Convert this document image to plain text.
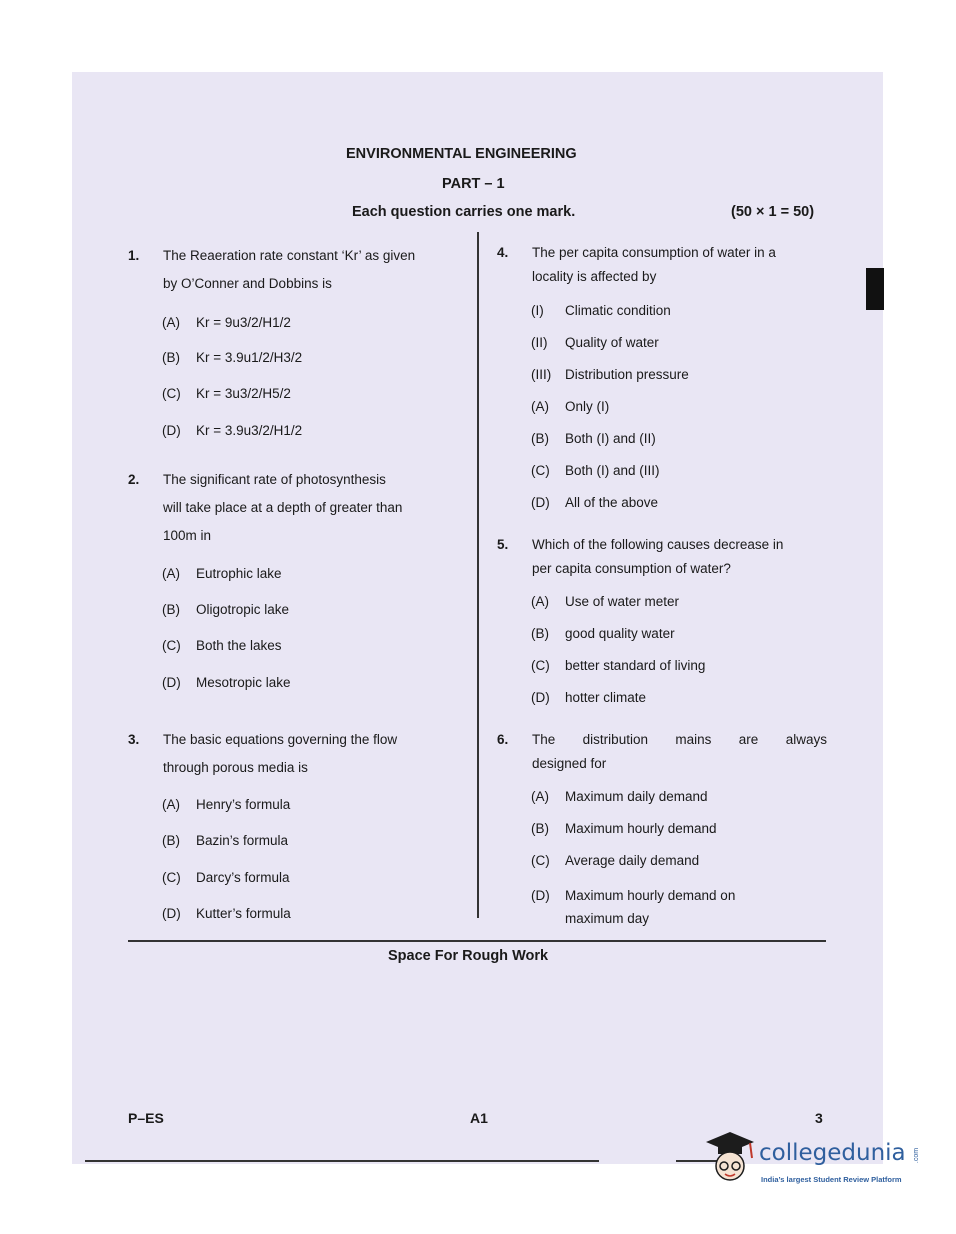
ENVIRONMENTAL ENGINEERING
PART – 1
Each question carries one mark.	(50 × 1 = 50)
1. The Reaeration rate constant ‘Kr’ as given
by O’Conner and Dobbins is
(A) Kr = 9u3/2/H1/2
(B) Kr = 3.9u1/2/H3/2
(C) Kr = 3u3/2/H5/2
(D) Kr = 3.9u3/2/H1/2
2. The significant rate of photosynthesis
will take place at a depth of greater than
100m in
(A) Eutrophic lake
(B) Oligotropic lake
(C) Both the lakes
(D) Mesotropic lake
3. The basic equations governing the flow
through porous media is
(A) Henry’s formula
(B) Bazin’s formula
(C) Darcy’s formula
(D) Kutter’s formula
4. The per capita consumption of water in a
locality is affected by
(I) Climatic condition
(II) Quality of water
(III) Distribution pressure
(A) Only (I)
(B) Both (I) and (II)
(C) Both (I) and (III)
(D) All of the above
5. Which of the following causes decrease in
per capita consumption of water?
(A) Use of water meter
(B) good quality water
(C) better standard of living
(D) hotter climate
6. The distribution mains are always
designed for
(A) Maximum daily demand
(B) Maximum hourly demand
(C) Average daily demand
(D)	Maximum hourly demand on maximum day
Space For Rough Work
P–ES	A1	3
collegedunia .com
India’s largest Student Review Platform
